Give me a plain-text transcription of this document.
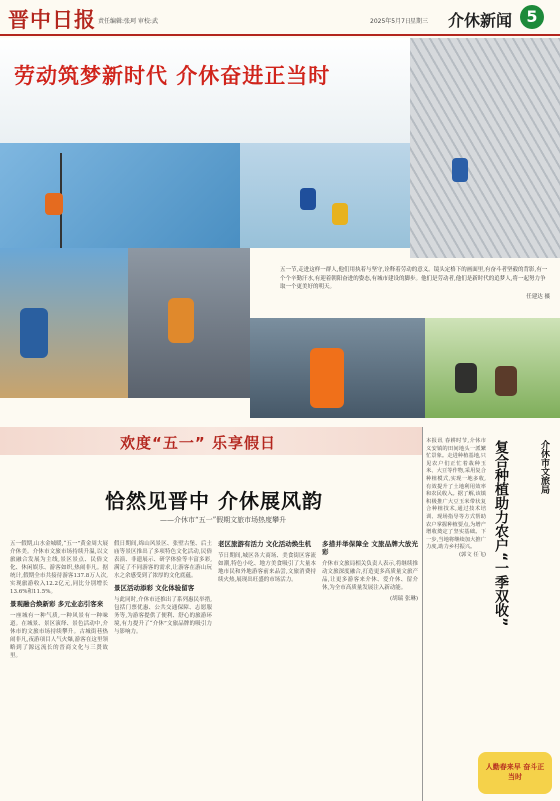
晋中日报 责任编辑:张珂 审校:武	2025年5月7日 星期三 介休新闻 5
劳动筑梦新时代 介休奋进正当时
五一节,走进这样一群人,他们用执着与坚守,诠释着劳动的意义。镜头定格下的画面里,有奋斗者坚毅的背影,有一个个辛勤汗水,有迎着朝阳奋进的姿态,有城市建设的脚步。他们是劳动者,他们是新时代的追梦人,将一起努力争取一个更美好的明天。
任建达 摄
欢度“五一” 乐享假日
恰然见晋中 介休展风韵
——介休市“五一”假期文旅市场热度攀升

五一假期,山水金城暖,“五一”黄金周大展介休美。介休市文旅市场持续升温,以文旅融合发展为主线,景区景点、民俗文化、休闲娱乐、游客如织,热闹非凡。据统计,假期全市共接待游客137.8万人次,实现旅游收入12.2亿元,同比分别增长13.6%和11.5%。

景观融合焕新彩 多元业态引客来

一座城有一种气质,一种风景有一种味道。在城景、景区演绎、景色活动中,介休市的文旅市场持续攀升。古城街巷热闹非凡,夜游项目人气火爆,游客在这里领略到了源远流长的晋商文化与三贤故里。

假日期间,绵山风景区、张壁古堡、后土庙等景区推出了多项特色文化活动,民俗表演、非遗展示、研学体验等丰富多彩,满足了不同游客的需求,让游客在游山玩水之余感受到了浓厚的文化底蕴。

景区活动添彩 文化体验留客

与此同时,介休市还推出了系列惠民举措,包括门票优惠、公共交通保障、志愿服务等,为游客提供了便利、舒心的旅游环境,有力提升了“介休”文旅品牌的吸引力与影响力。

老区旅游有活力 文化活动焕生机

节日期间,城区各大商场、美食街区客流如潮,特色小吃、地方美食吸引了大量本地市民和外地游客前来品尝,文旅消费持续火热,展现出旺盛的市场活力。

多措并举保障全 文旅品牌大放光彩

介休市文旅局相关负责人表示,将继续推动文旅深度融合,打造更多高质量文旅产品,让更多游客来介休、爱介休、留介休,为全市高质量发展注入新动能。

(胡瑞 张琳)

介休市文旅局
复合种植助力农户“一季双收”
本报讯 春耕时节,介休市义安镇的田间地头一派繁忙景象。走进种植基地,只见农户们正忙着栽种玉米、大豆等作物,采用复合种植模式,实现一地多收,有效提升了土地利用效率和农民收入。据了解,该镇积极推广大豆玉米带状复合种植技术,通过技术培训、现场指导等方式帮助农户掌握种植要点,为增产增收奠定了坚实基础。下一步,当地将继续加大推广力度,助力乡村振兴。
(郭文 任飞)
人勤春来早 奋斗正当时
